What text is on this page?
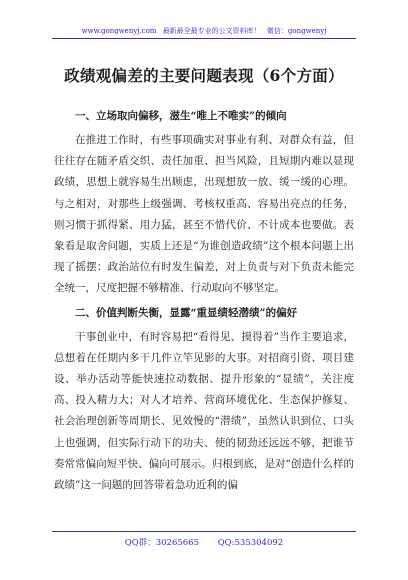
www.gongwenyj.com 最新最全最专业的公文资料库！ 微信：gongwenyj
政绩观偏差的主要问题表现（6个方面）
一、立场取向偏移，滋生“唯上不唯实”的倾向
在推进工作时，有些事项确实对事业有利、对群众有益，但往往存在随矛盾交织、责任加重、担当风险，且短期内难以显现政绩，思想上就容易生出顾虑，出现想放一放、缓一缓的心理。与之相对，对那些上级强调、考核权重高、容易出亮点的任务，则习惯于抓得紧、用力猛，甚至不惜代价、不计成本也要做。表象看是取舍问题，实质上还是“为谁创造政绩”这个根本问题上出现了摇摆：政治站位有时发生偏差，对上负责与对下负责未能完全统一，尺度把握不够精准、行动取向不够坚定。
二、价值判断失衡，显露“重显绩轻潜绩”的偏好
干事创业中，有时容易把“看得见、摸得着”当作主要追求，总想着在任期内多干几件立竿见影的大事。对招商引资、项目建设、举办活动等能快速拉动数据、提升形象的“显绩”，关注度高、投入精力大；对人才培养、营商环境优化、生态保护修复、社会治理创新等周期长、见效慢的“潜绩”，虽然认识到位、口头上也强调，但实际行动下的功夫、使的韧劲还远远不够，把谁节奏常常偏向短平快、偏向可展示。归根到底，是对“创造什么样的政绩”这一问题的回答带着急功近利的偏
QQ群：30265665 QQ:535304092
